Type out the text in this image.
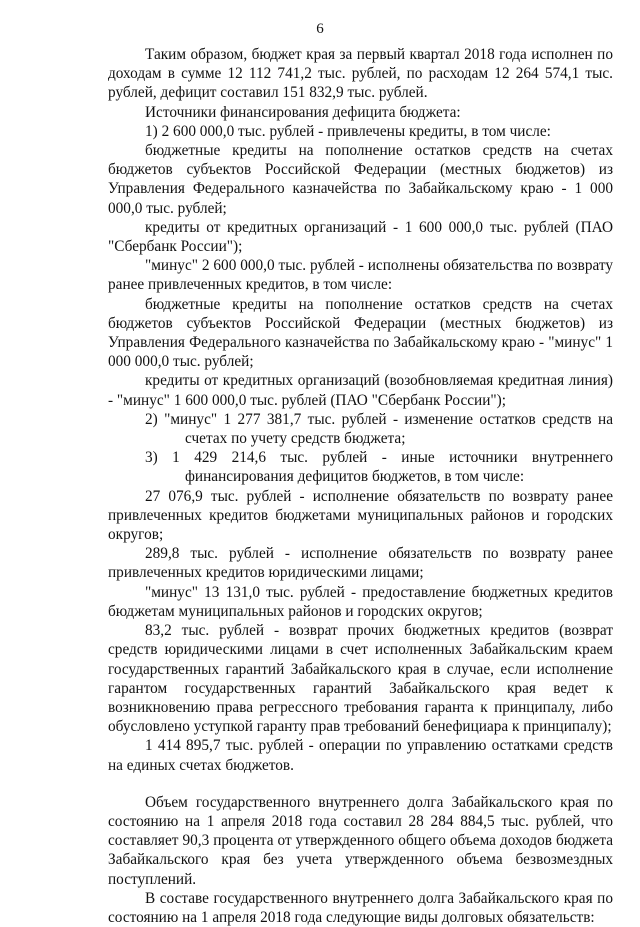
6

Таким образом, бюджет края за первый квартал 2018 года исполнен по доходам в сумме 12 112 741,2 тыс. рублей, по расходам 12 264 574,1 тыс. рублей, дефицит составил 151 832,9 тыс. рублей.

Источники финансирования дефицита бюджета:

1) 2 600 000,0 тыс. рублей - привлечены кредиты, в том числе:

бюджетные кредиты на пополнение остатков средств на счетах бюджетов субъектов Российской Федерации (местных бюджетов) из Управления Федерального казначейства по Забайкальскому краю - 1 000 000,0 тыс. рублей;

кредиты от кредитных организаций - 1 600 000,0 тыс. рублей (ПАО "Сбербанк России");

"минус" 2 600 000,0 тыс. рублей - исполнены обязательства по возврату ранее привлеченных кредитов, в том числе:

бюджетные кредиты на пополнение остатков средств на счетах бюджетов субъектов Российской Федерации (местных бюджетов) из Управления Федерального казначейства по Забайкальскому краю - "минус" 1 000 000,0 тыс. рублей;

кредиты от кредитных организаций (возобновляемая кредитная линия) - "минус" 1 600 000,0 тыс. рублей (ПАО "Сбербанк России");

2) "минус" 1 277 381,7 тыс. рублей - изменение остатков средств на счетах по учету средств бюджета;

3) 1 429 214,6 тыс. рублей - иные источники внутреннего финансирования дефицитов бюджетов, в том числе:

27 076,9 тыс. рублей - исполнение обязательств по возврату ранее привлеченных кредитов бюджетами муниципальных районов и городских округов;

289,8 тыс. рублей - исполнение обязательств по возврату ранее привлеченных кредитов юридическими лицами;

"минус" 13 131,0 тыс. рублей - предоставление бюджетных кредитов бюджетам муниципальных районов и городских округов;

83,2 тыс. рублей - возврат прочих бюджетных кредитов (возврат средств юридическими лицами в счет исполненных Забайкальским краем государственных гарантий Забайкальского края в случае, если исполнение гарантом государственных гарантий Забайкальского края ведет к возникновению права регрессного требования гаранта к принципалу, либо обусловлено уступкой гаранту прав требований бенефициара к принципалу);

1 414 895,7 тыс. рублей - операции по управлению остатками средств на единых счетах бюджетов.

Объем государственного внутреннего долга Забайкальского края по состоянию на 1 апреля 2018 года составил 28 284 884,5 тыс. рублей, что составляет 90,3 процента от утвержденного общего объема доходов бюджета Забайкальского края без учета утвержденного объема безвозмездных поступлений.

В составе государственного внутреннего долга Забайкальского края по состоянию на 1 апреля 2018 года следующие виды долговых обязательств:
